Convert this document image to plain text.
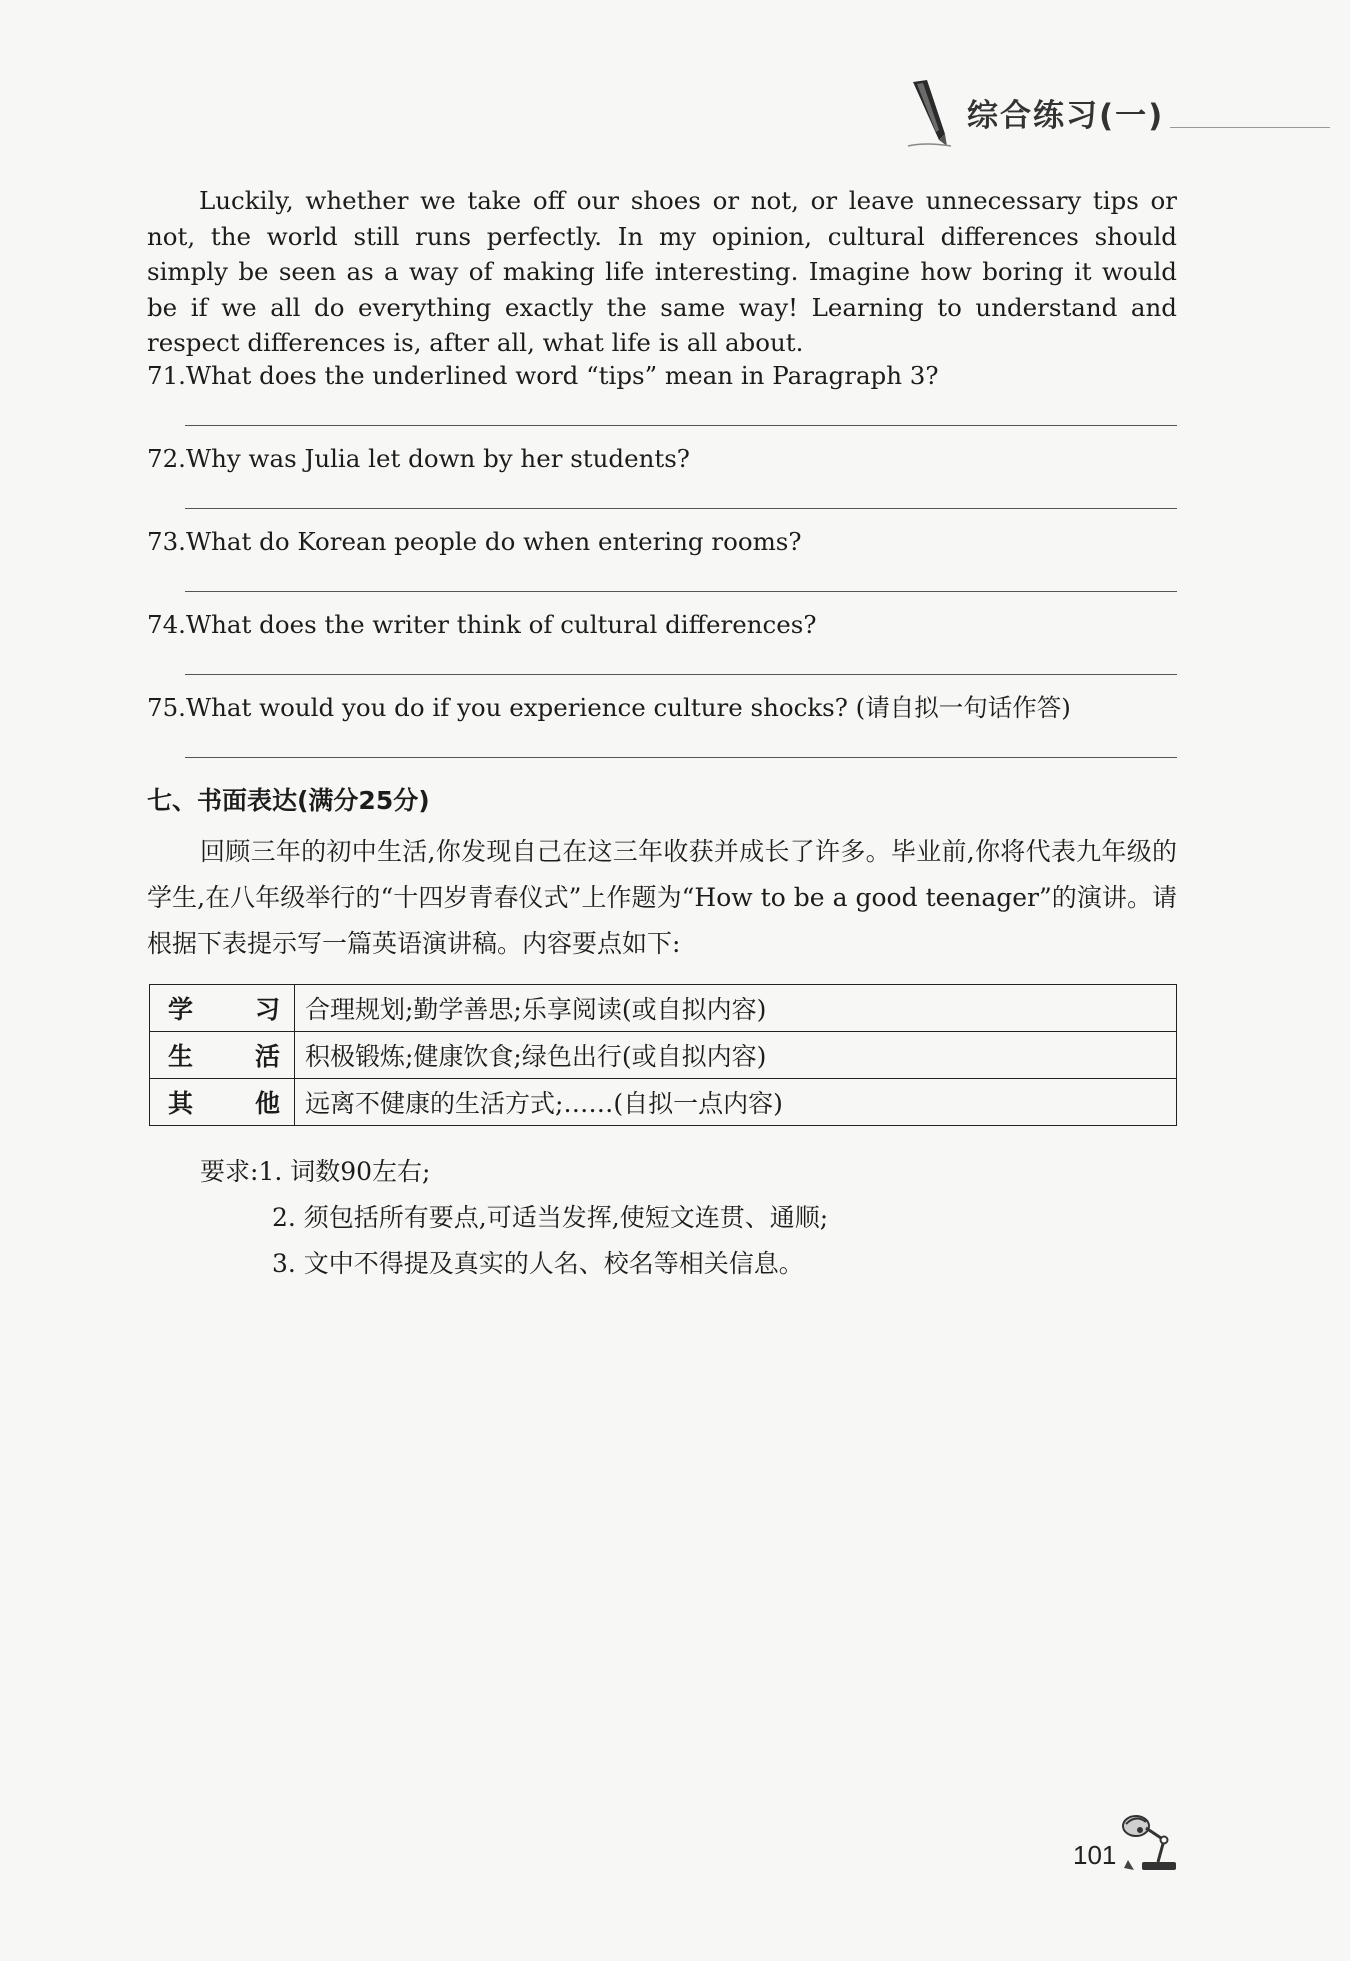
综合练习(一)
Luckily, whether we take off our shoes or not, or leave unnecessary tips or not, the world still runs perfectly. In my opinion, cultural differences should simply be seen as a way of making life interesting. Imagine how boring it would be if we all do everything exactly the same way! Learning to understand and respect differences is, after all, what life is all about.
71.What does the underlined word “tips” mean in Paragraph 3?
72.Why was Julia let down by her students?
73.What do Korean people do when entering rooms?
74.What does the writer think of cultural differences?
75.What would you do if you experience culture shocks? (请自拟一句话作答)
七、书面表达(满分25分)
回顾三年的初中生活,你发现自己在这三年收获并成长了许多。毕业前,你将代表九年级的学生,在八年级举行的“十四岁青春仪式”上作题为“How to be a good teenager”的演讲。请根据下表提示写一篇英语演讲稿。内容要点如下:
学习	合理规划;勤学善思;乐享阅读(或自拟内容)
生活	积极锻炼;健康饮食;绿色出行(或自拟内容)
其他	远离不健康的生活方式;……(自拟一点内容)
要求:1. 词数90左右;
2. 须包括所有要点,可适当发挥,使短文连贯、通顺;
3. 文中不得提及真实的人名、校名等相关信息。
101
